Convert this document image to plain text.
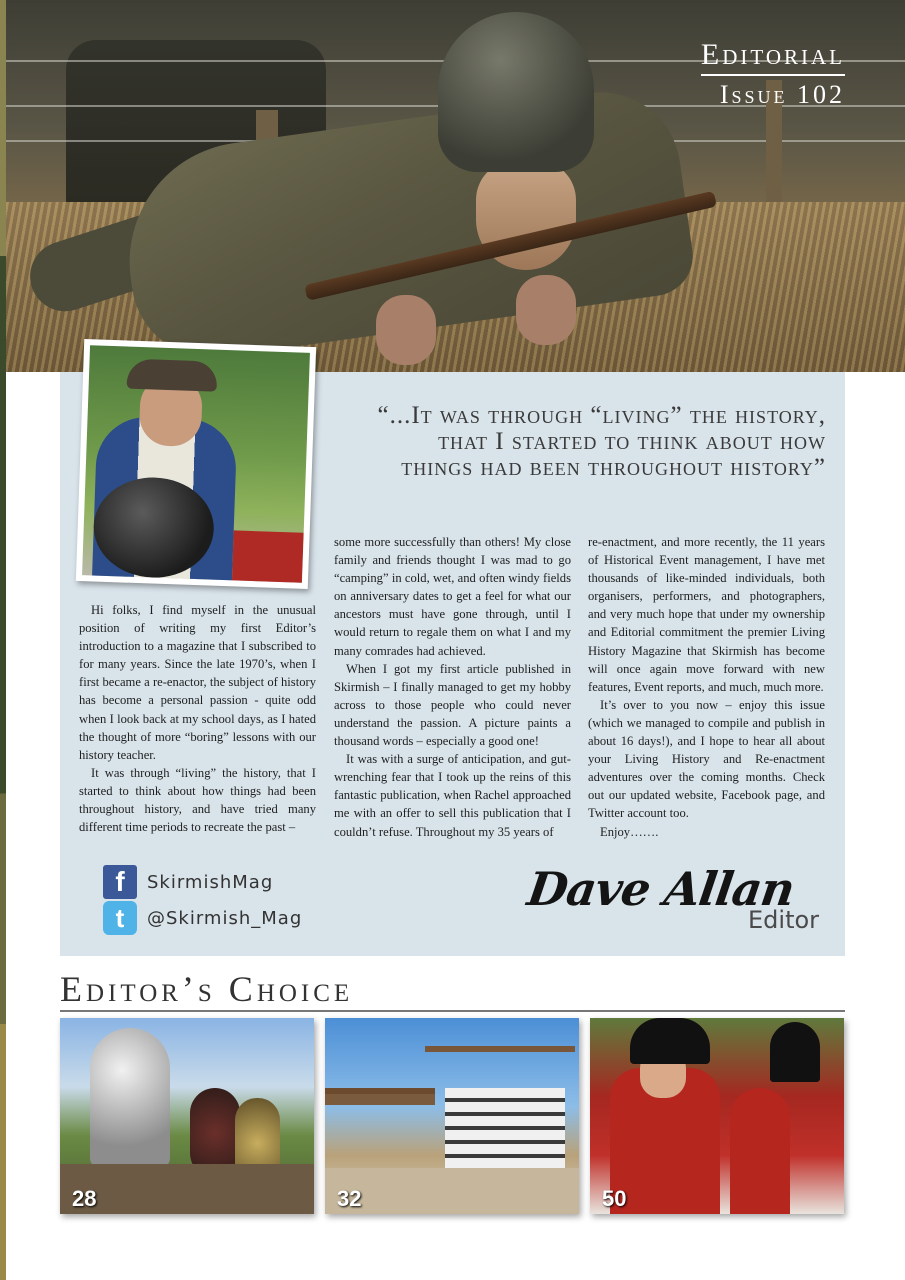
Editorial
Issue 102
“...It was through “living” the history, that I started to think about how things had been throughout history”

Hi folks, I find myself in the unusual position of writing my first Editor’s introduction to a magazine that I subscribed to for many years. Since the late 1970’s, when I first became a re-enactor, the subject of history has become a personal passion - quite odd when I look back at my school days, as I hated the thought of more “boring” lessons with our history teacher.

It was through “living” the history, that I started to think about how things had been throughout history, and have tried many different time periods to recreate the past –

some more successfully than others! My close family and friends thought I was mad to go “camping” in cold, wet, and often windy fields on anniversary dates to get a feel for what our ancestors must have gone through, until I would return to regale them on what I and my many comrades had achieved.

When I got my first article published in Skirmish – I finally managed to get my hobby across to those people who could never understand the passion. A picture paints a thousand words – especially a good one!

It was with a surge of anticipation, and gut-wrenching fear that I took up the reins of this fantastic publication, when Rachel approached me with an offer to sell this publication that I couldn’t refuse. Throughout my 35 years of

re-enactment, and more recently, the 11 years of Historical Event management, I have met thousands of like-minded individuals, both organisers, performers, and photographers, and very much hope that under my ownership and Editorial commitment the premier Living History Magazine that Skirmish has become will once again move forward with new features, Event reports, and much, much more.

It’s over to you now – enjoy this issue (which we managed to compile and publish in about 16 days!), and I hope to hear all about your Living History and Re-enactment adventures over the coming months. Check out our updated website, Facebook page, and Twitter account too.

Enjoy…….

f	SkirmishMag
t	@Skirmish_Mag
Dave Allan
Editor
Editor’s Choice
28	32	50
